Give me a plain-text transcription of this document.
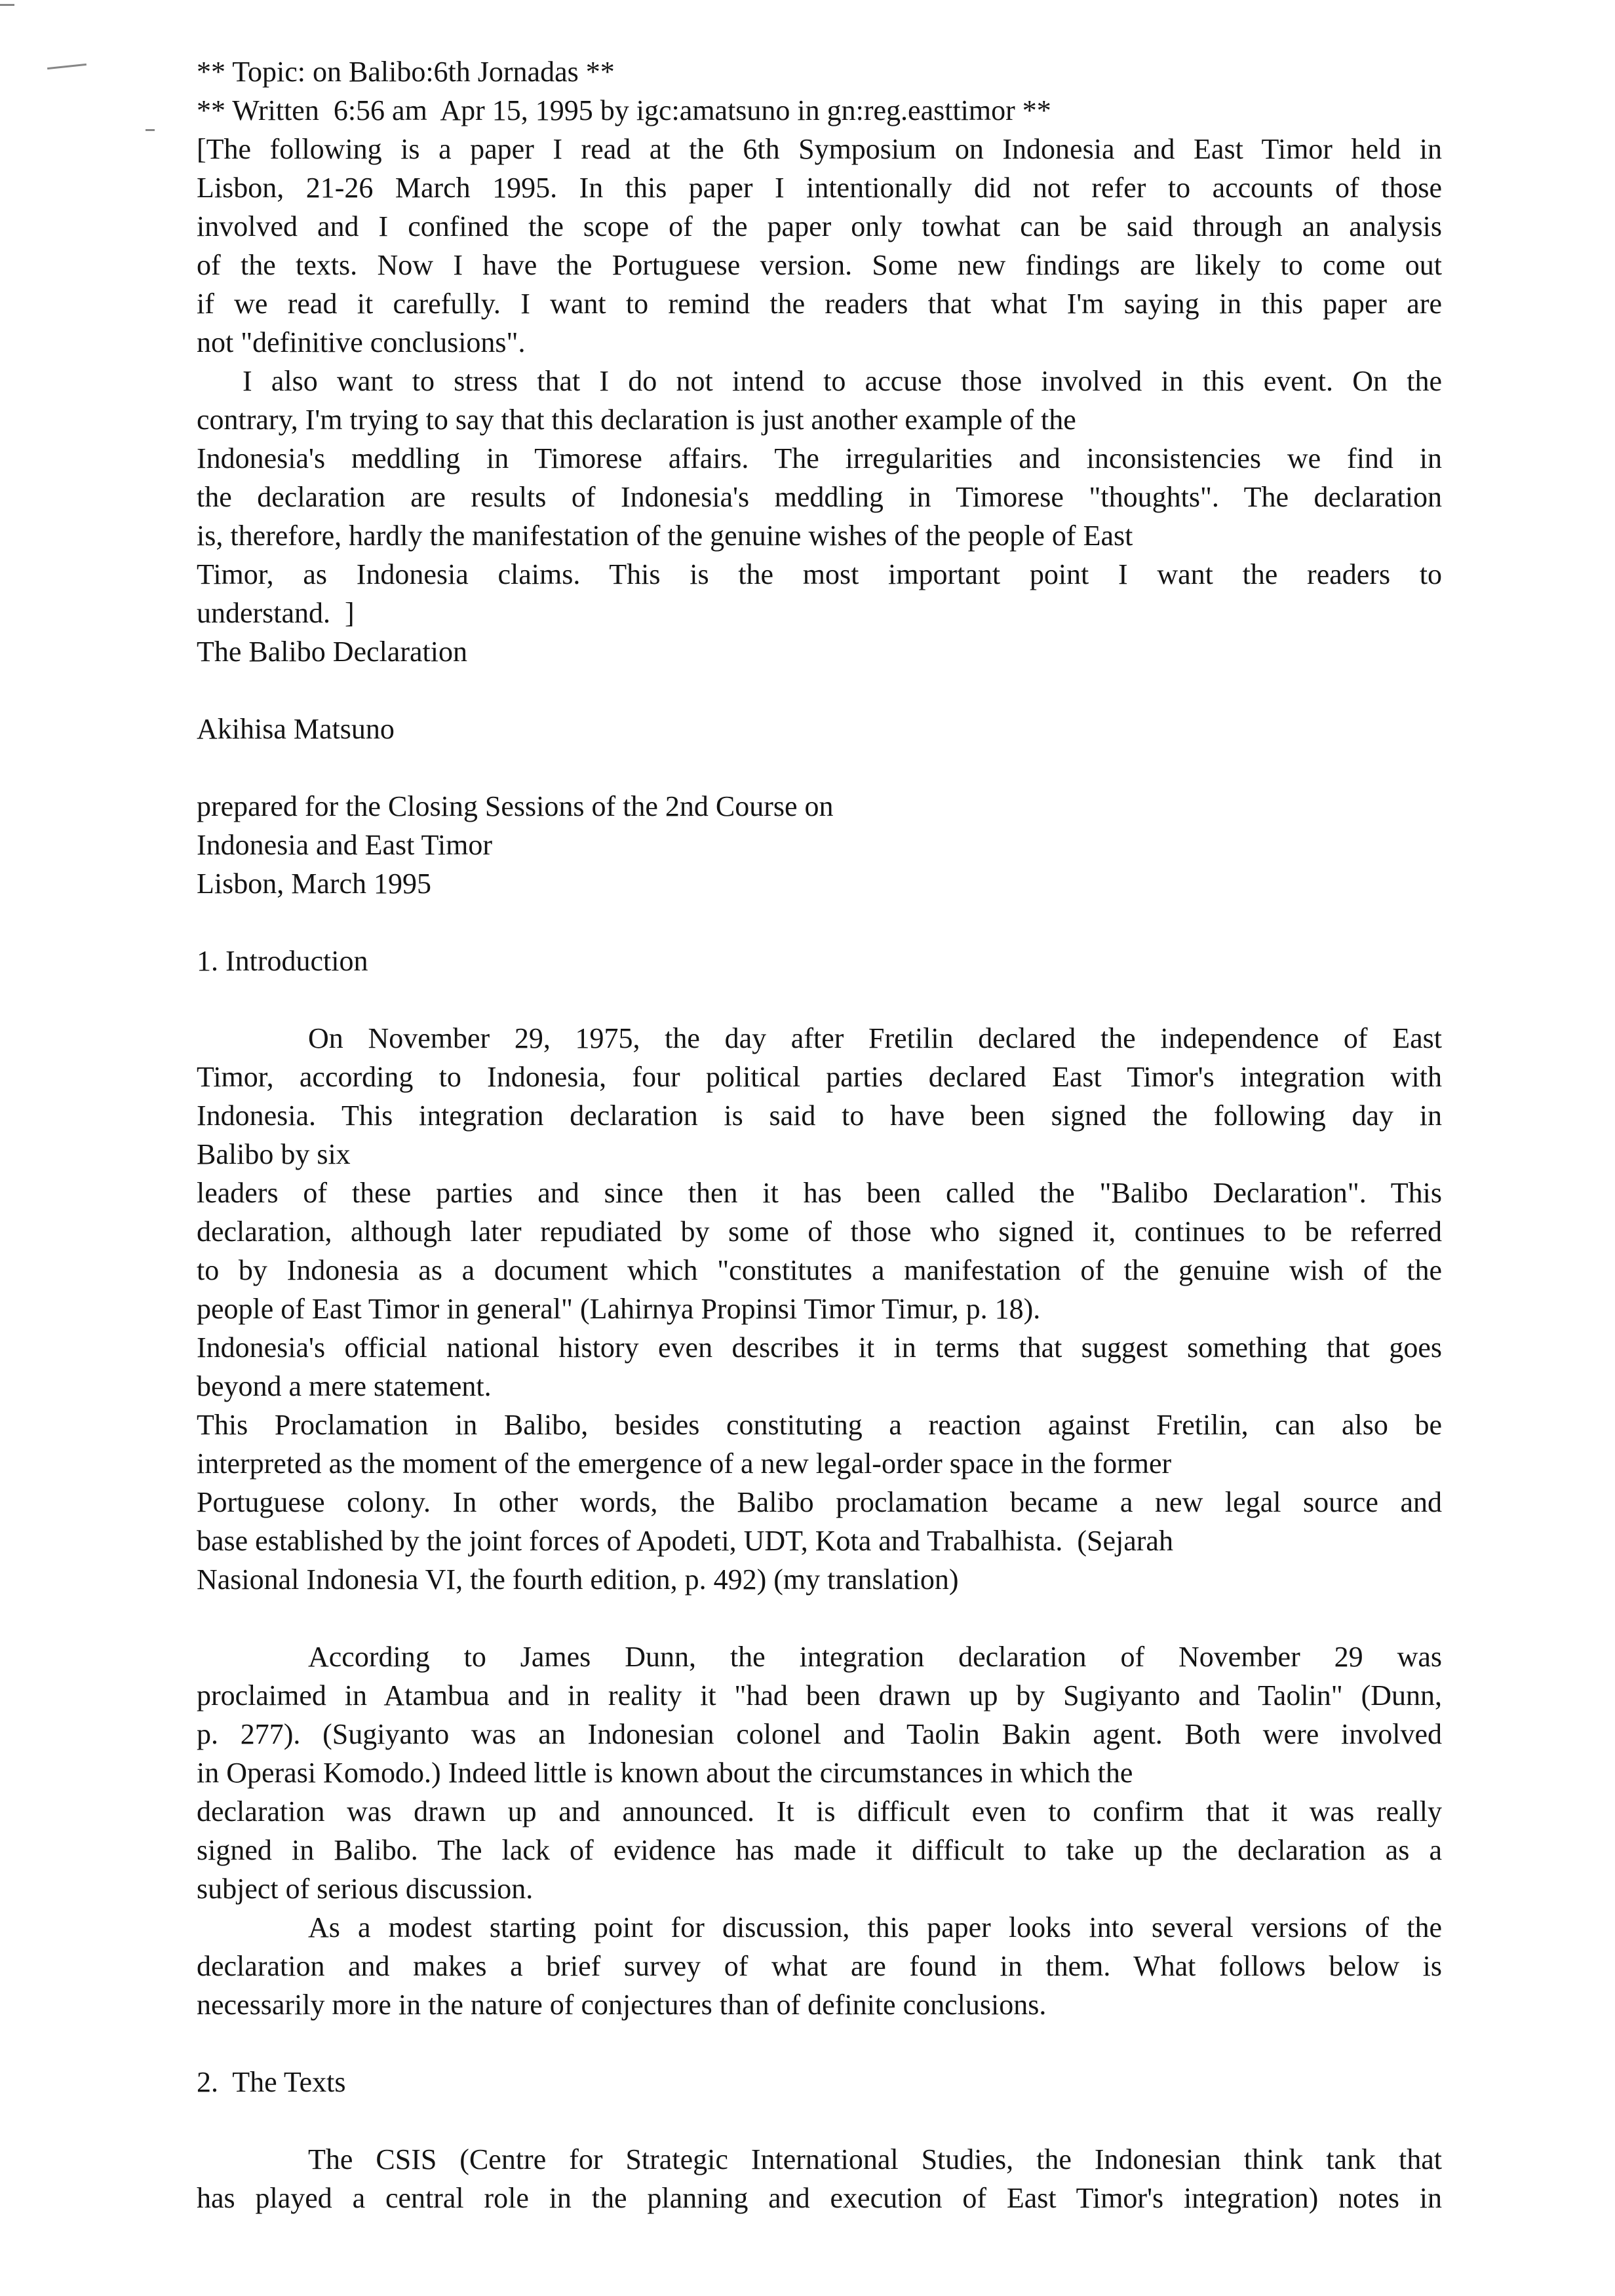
** Topic: on Balibo:6th Jornadas **
** Written  6:56 am  Apr 15, 1995 by igc:amatsuno in gn:reg.easttimor **
[The following is a paper I read at the 6th Symposium on Indonesia and East Timor held in
Lisbon, 21-26 March 1995. In this paper I intentionally did not refer to accounts of those
involved and I confined the scope of the paper only towhat can be said through an analysis
of the texts. Now I have the Portuguese version. Some new findings are likely to come out
if we read it carefully. I want to remind the readers that what I'm saying in this paper are
not "definitive conclusions".
I also want to stress that I do not intend to accuse those involved in this event. On the
contrary, I'm trying to say that this declaration is just another example of the
Indonesia's meddling in Timorese affairs. The irregularities and inconsistencies we find in
the declaration are results of Indonesia's meddling in Timorese "thoughts". The declaration
is, therefore, hardly the manifestation of the genuine wishes of the people of East
Timor, as Indonesia claims. This is the most important point I want the readers to
understand.  ]
The Balibo Declaration
Akihisa Matsuno
prepared for the Closing Sessions of the 2nd Course on
Indonesia and East Timor
Lisbon, March 1995
1. Introduction
On November 29, 1975, the day after Fretilin declared the independence of East
Timor, according to Indonesia, four political parties declared East Timor's integration with
Indonesia. This integration declaration is said to have been signed the following day in
Balibo by six
leaders of these parties and since then it has been called the "Balibo Declaration". This
declaration, although later repudiated by some of those who signed it, continues to be referred
to by Indonesia as a document which "constitutes a manifestation of the genuine wish of the
people of East Timor in general" (Lahirnya Propinsi Timor Timur, p. 18).
Indonesia's official national history even describes it in terms that suggest something that goes
beyond a mere statement.
This Proclamation in Balibo, besides constituting a reaction against Fretilin, can also be
interpreted as the moment of the emergence of a new legal-order space in the former
Portuguese colony. In other words, the Balibo proclamation became a new legal source and
base established by the joint forces of Apodeti, UDT, Kota and Trabalhista.  (Sejarah
Nasional Indonesia VI, the fourth edition, p. 492) (my translation)
According to James Dunn, the integration declaration of November 29 was
proclaimed in Atambua and in reality it "had been drawn up by Sugiyanto and Taolin" (Dunn,
p. 277). (Sugiyanto was an Indonesian colonel and Taolin Bakin agent. Both were involved
in Operasi Komodo.) Indeed little is known about the circumstances in which the
declaration was drawn up and announced. It is difficult even to confirm that it was really
signed in Balibo. The lack of evidence has made it difficult to take up the declaration as a
subject of serious discussion.
As a modest starting point for discussion, this paper looks into several versions of the
declaration and makes a brief survey of what are found in them. What follows below is
necessarily more in the nature of conjectures than of definite conclusions.
2.  The Texts
The CSIS (Centre for Strategic International Studies, the Indonesian think tank that
has played a central role in the planning and execution of East Timor's integration) notes in
